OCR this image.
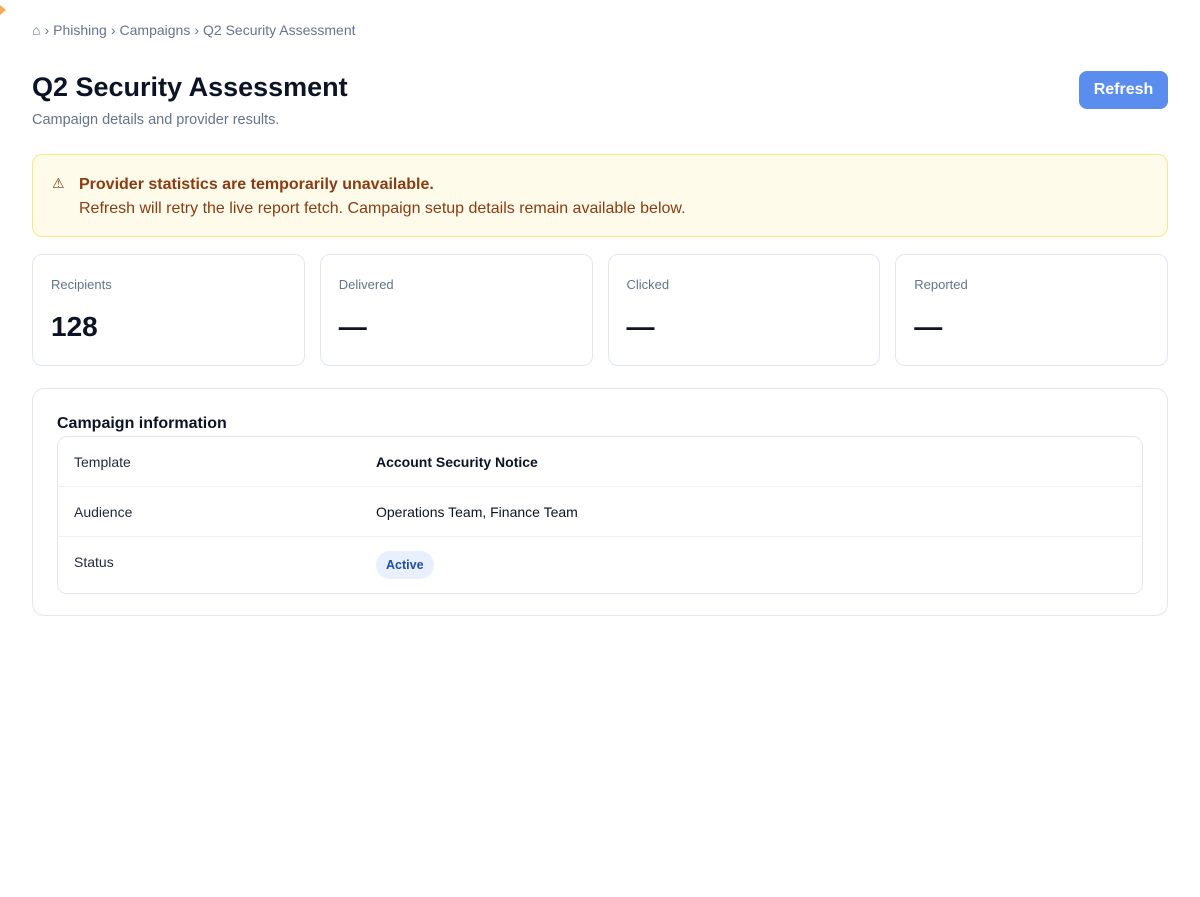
⌂ › Phishing › Campaigns › Q2 Security Assessment
Q2 Security Assessment

Campaign details and provider results.

Refresh
⚠ Provider statistics are temporarily unavailable.
Refresh will retry the live report fetch. Campaign setup details remain available below.
Recipients
128
Delivered
—
Clicked
—
Reported
—
Campaign information
Template	Account Security Notice
Audience	Operations Team, Finance Team
Status	Active
